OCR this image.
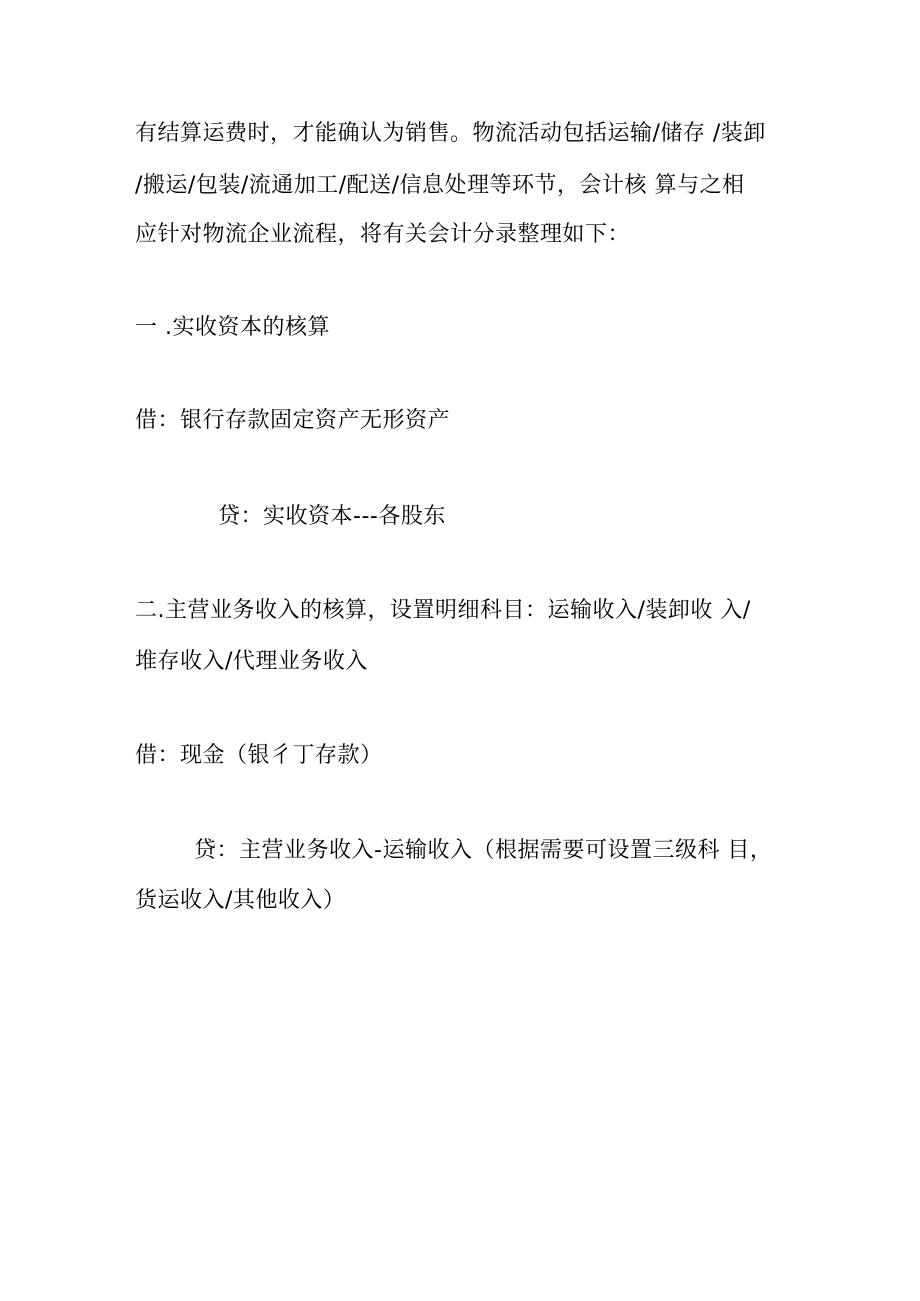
有结算运费时，才能确认为销售。物流活动包括运输/储存 /装卸
/搬运/包装/流通加工/配送/信息处理等环节，会计核 算与之相
应针对物流企业流程，将有关会计分录整理如下：
一 .实收资本的核算
借：银行存款固定资产无形资产
贷：实收资本---各股东
二.主营业务收入的核算，设置明细科目：运输收入/装卸收 入/
堆存收入/代理业务收入
借：现金（银彳丁存款）
贷：主营业务收入-运输收入（根据需要可设置三级科 目，
货运收入/其他收入）
